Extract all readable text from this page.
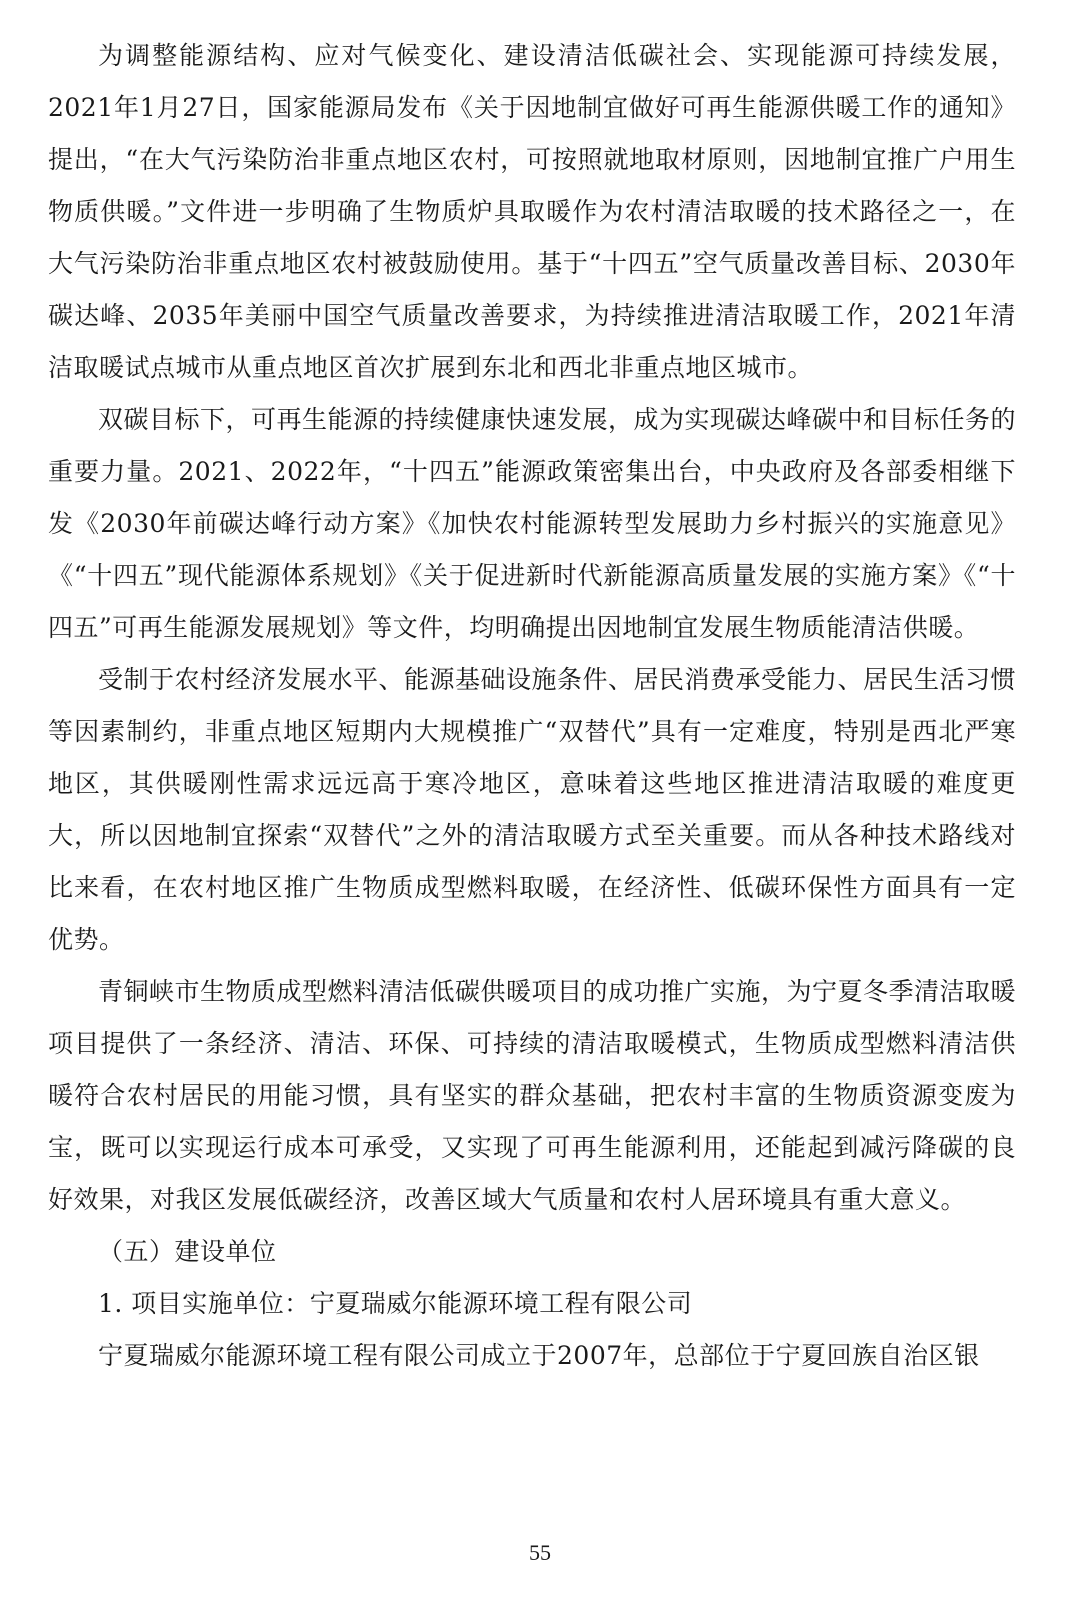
为调整能源结构、应对气候变化、建设清洁低碳社会、实现能源可持续发展，2021年1月27日，国家能源局发布《关于因地制宜做好可再生能源供暖工作的通知》提出，“在大气污染防治非重点地区农村，可按照就地取材原则，因地制宜推广户用生物质供暖。”文件进一步明确了生物质炉具取暖作为农村清洁取暖的技术路径之一，在大气污染防治非重点地区农村被鼓励使用。基于“十四五”空气质量改善目标、2030年碳达峰、2035年美丽中国空气质量改善要求，为持续推进清洁取暖工作，2021年清洁取暖试点城市从重点地区首次扩展到东北和西北非重点地区城市。

双碳目标下，可再生能源的持续健康快速发展，成为实现碳达峰碳中和目标任务的重要力量。2021、2022年，“十四五”能源政策密集出台，中央政府及各部委相继下发《2030年前碳达峰行动方案》《加快农村能源转型发展助力乡村振兴的实施意见》《“十四五”现代能源体系规划》《关于促进新时代新能源高质量发展的实施方案》《“十四五”可再生能源发展规划》等文件，均明确提出因地制宜发展生物质能清洁供暖。

受制于农村经济发展水平、能源基础设施条件、居民消费承受能力、居民生活习惯等因素制约，非重点地区短期内大规模推广“双替代”具有一定难度，特别是西北严寒地区，其供暖刚性需求远远高于寒冷地区，意味着这些地区推进清洁取暖的难度更大，所以因地制宜探索“双替代”之外的清洁取暖方式至关重要。而从各种技术路线对比来看，在农村地区推广生物质成型燃料取暖，在经济性、低碳环保性方面具有一定优势。

青铜峡市生物质成型燃料清洁低碳供暖项目的成功推广实施，为宁夏冬季清洁取暖项目提供了一条经济、清洁、环保、可持续的清洁取暖模式，生物质成型燃料清洁供暖符合农村居民的用能习惯，具有坚实的群众基础，把农村丰富的生物质资源变废为宝，既可以实现运行成本可承受，又实现了可再生能源利用，还能起到减污降碳的良好效果，对我区发展低碳经济，改善区域大气质量和农村人居环境具有重大意义。

（五）建设单位

1. 项目实施单位：宁夏瑞威尔能源环境工程有限公司

宁夏瑞威尔能源环境工程有限公司成立于2007年，总部位于宁夏回族自治区银

55
